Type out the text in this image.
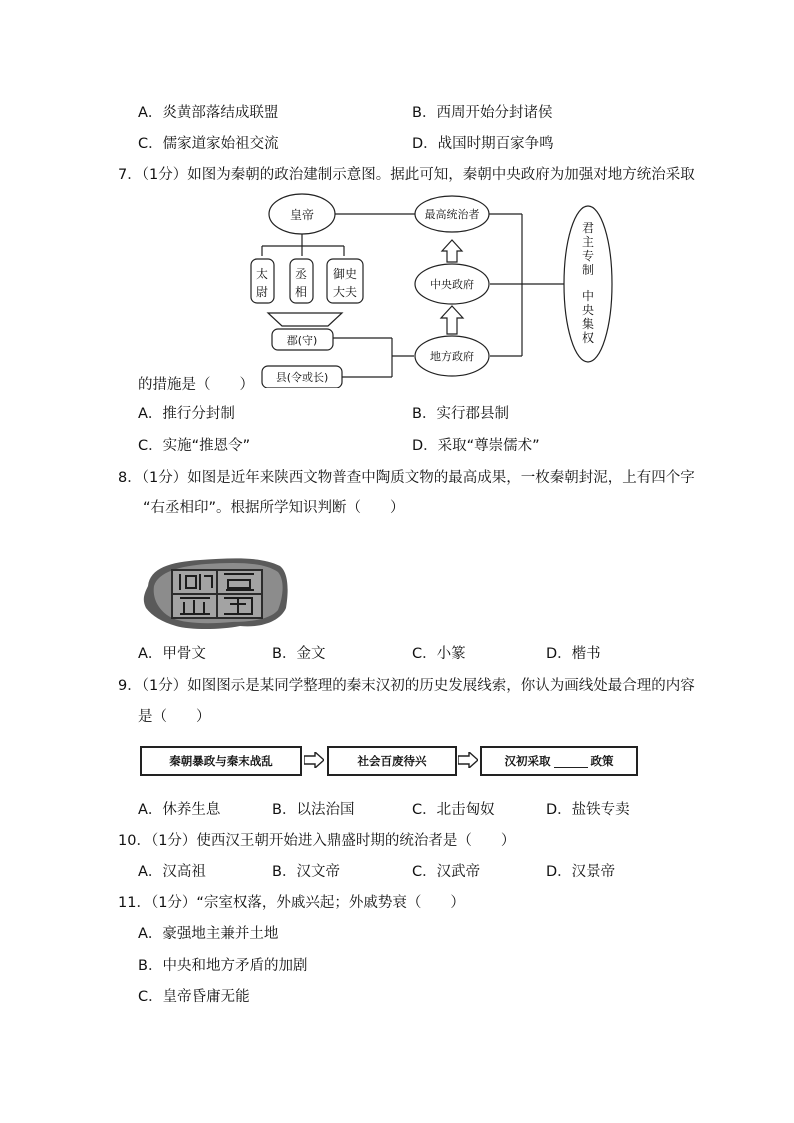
A．炎黄部落结成联盟	B．西周开始分封诸侯
C．儒家道家始祖交流	D．战国时期百家争鸣
7．（1分）如图为秦朝的政治建制示意图。据此可知，秦朝中央政府为加强对地方统治采取
皇帝	最高统治者
中央政府
地方政府
太
尉
丞
相
御史
大夫
郡(守)
县(令或长)
君
主
专
制
中
央
集
权
的措施是（　　）
A．推行分封制	B．实行郡县制
C．实施“推恩令”	D．采取“尊崇儒术”
8．（1分）如图是近年来陕西文物普查中陶质文物的最高成果，一枚秦朝封泥，上有四个字
“右丞相印”。根据所学知识判断（　　）
A．甲骨文	B．金文	C．小篆	D．楷书
9．（1分）如图图示是某同学整理的秦末汉初的历史发展线索，你认为画线处最合理的内容
是（　　）
秦朝暴政与秦末战乱	社会百废待兴	汉初采取	政策
A．休养生息	B．以法治国	C．北击匈奴	D．盐铁专卖
10．（1分）使西汉王朝开始进入鼎盛时期的统治者是（　　）
A．汉高祖	B．汉文帝	C．汉武帝	D．汉景帝
11．（1分）“宗室权落，外戚兴起；外戚势衰（　　）
A．豪强地主兼并土地
B．中央和地方矛盾的加剧
C．皇帝昏庸无能
